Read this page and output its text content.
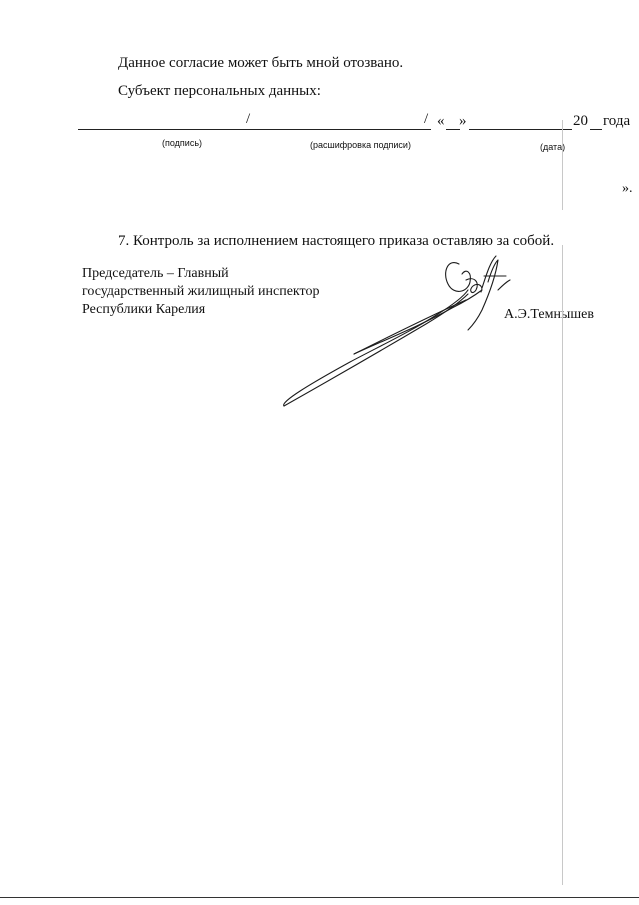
Данное согласие может быть мной отозвано.
Субъект персональных данных:
/	/ « »	20 года
(подпись)	(расшифровка подписи)	(дата)
».
7. Контроль за исполнением настоящего приказа оставляю за собой.
Председатель – Главный
государственный жилищный инспектор
Республики Карелия	А.Э.Темнышев
